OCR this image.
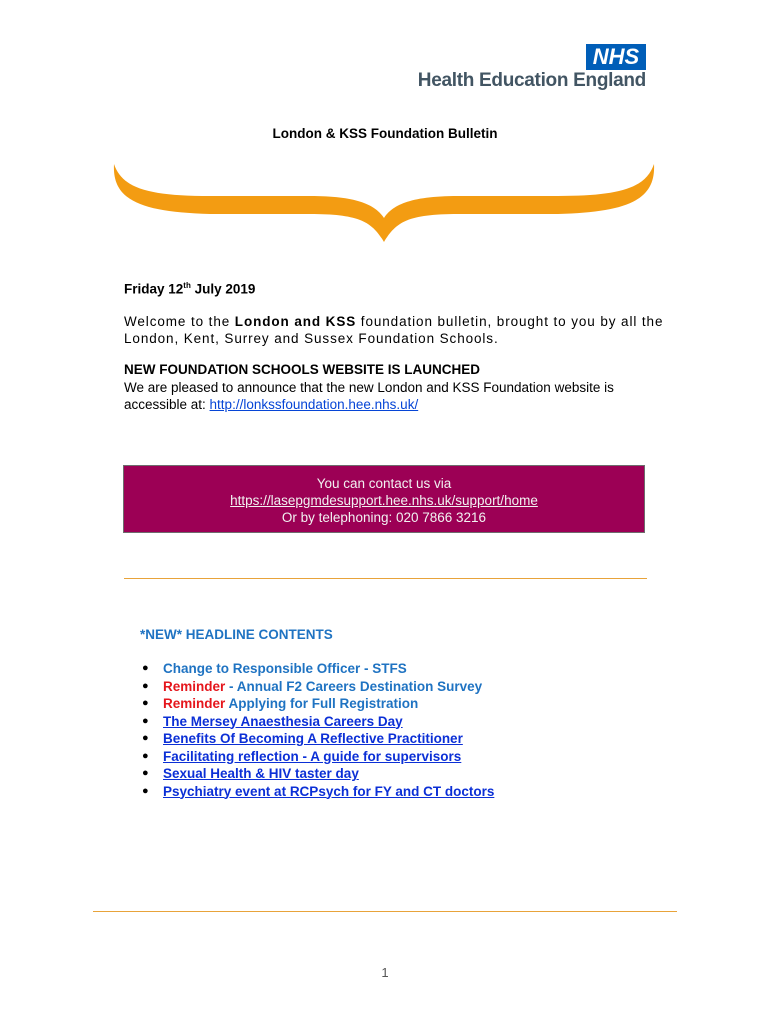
NHS
Health Education England
London & KSS Foundation Bulletin
Friday 12th July 2019
Welcome to the London and KSS foundation bulletin, brought to you by all the London, Kent, Surrey and Sussex Foundation Schools.
NEW FOUNDATION SCHOOLS WEBSITE IS LAUNCHED
We are pleased to announce that the new London and KSS Foundation website is accessible at: http://lonkssfoundation.hee.nhs.uk/
You can contact us via
https://lasepgmdesupport.hee.nhs.uk/support/home
Or by telephoning: 020 7866 3216
*NEW* HEADLINE CONTENTS
● Change to Responsible Officer - STFS
● Reminder - Annual F2 Careers Destination Survey
● Reminder Applying for Full Registration
● The Mersey Anaesthesia Careers Day
● Benefits Of Becoming A Reflective Practitioner
● Facilitating reflection - A guide for supervisors
● Sexual Health & HIV taster day
● Psychiatry event at RCPsych for FY and CT doctors
1
